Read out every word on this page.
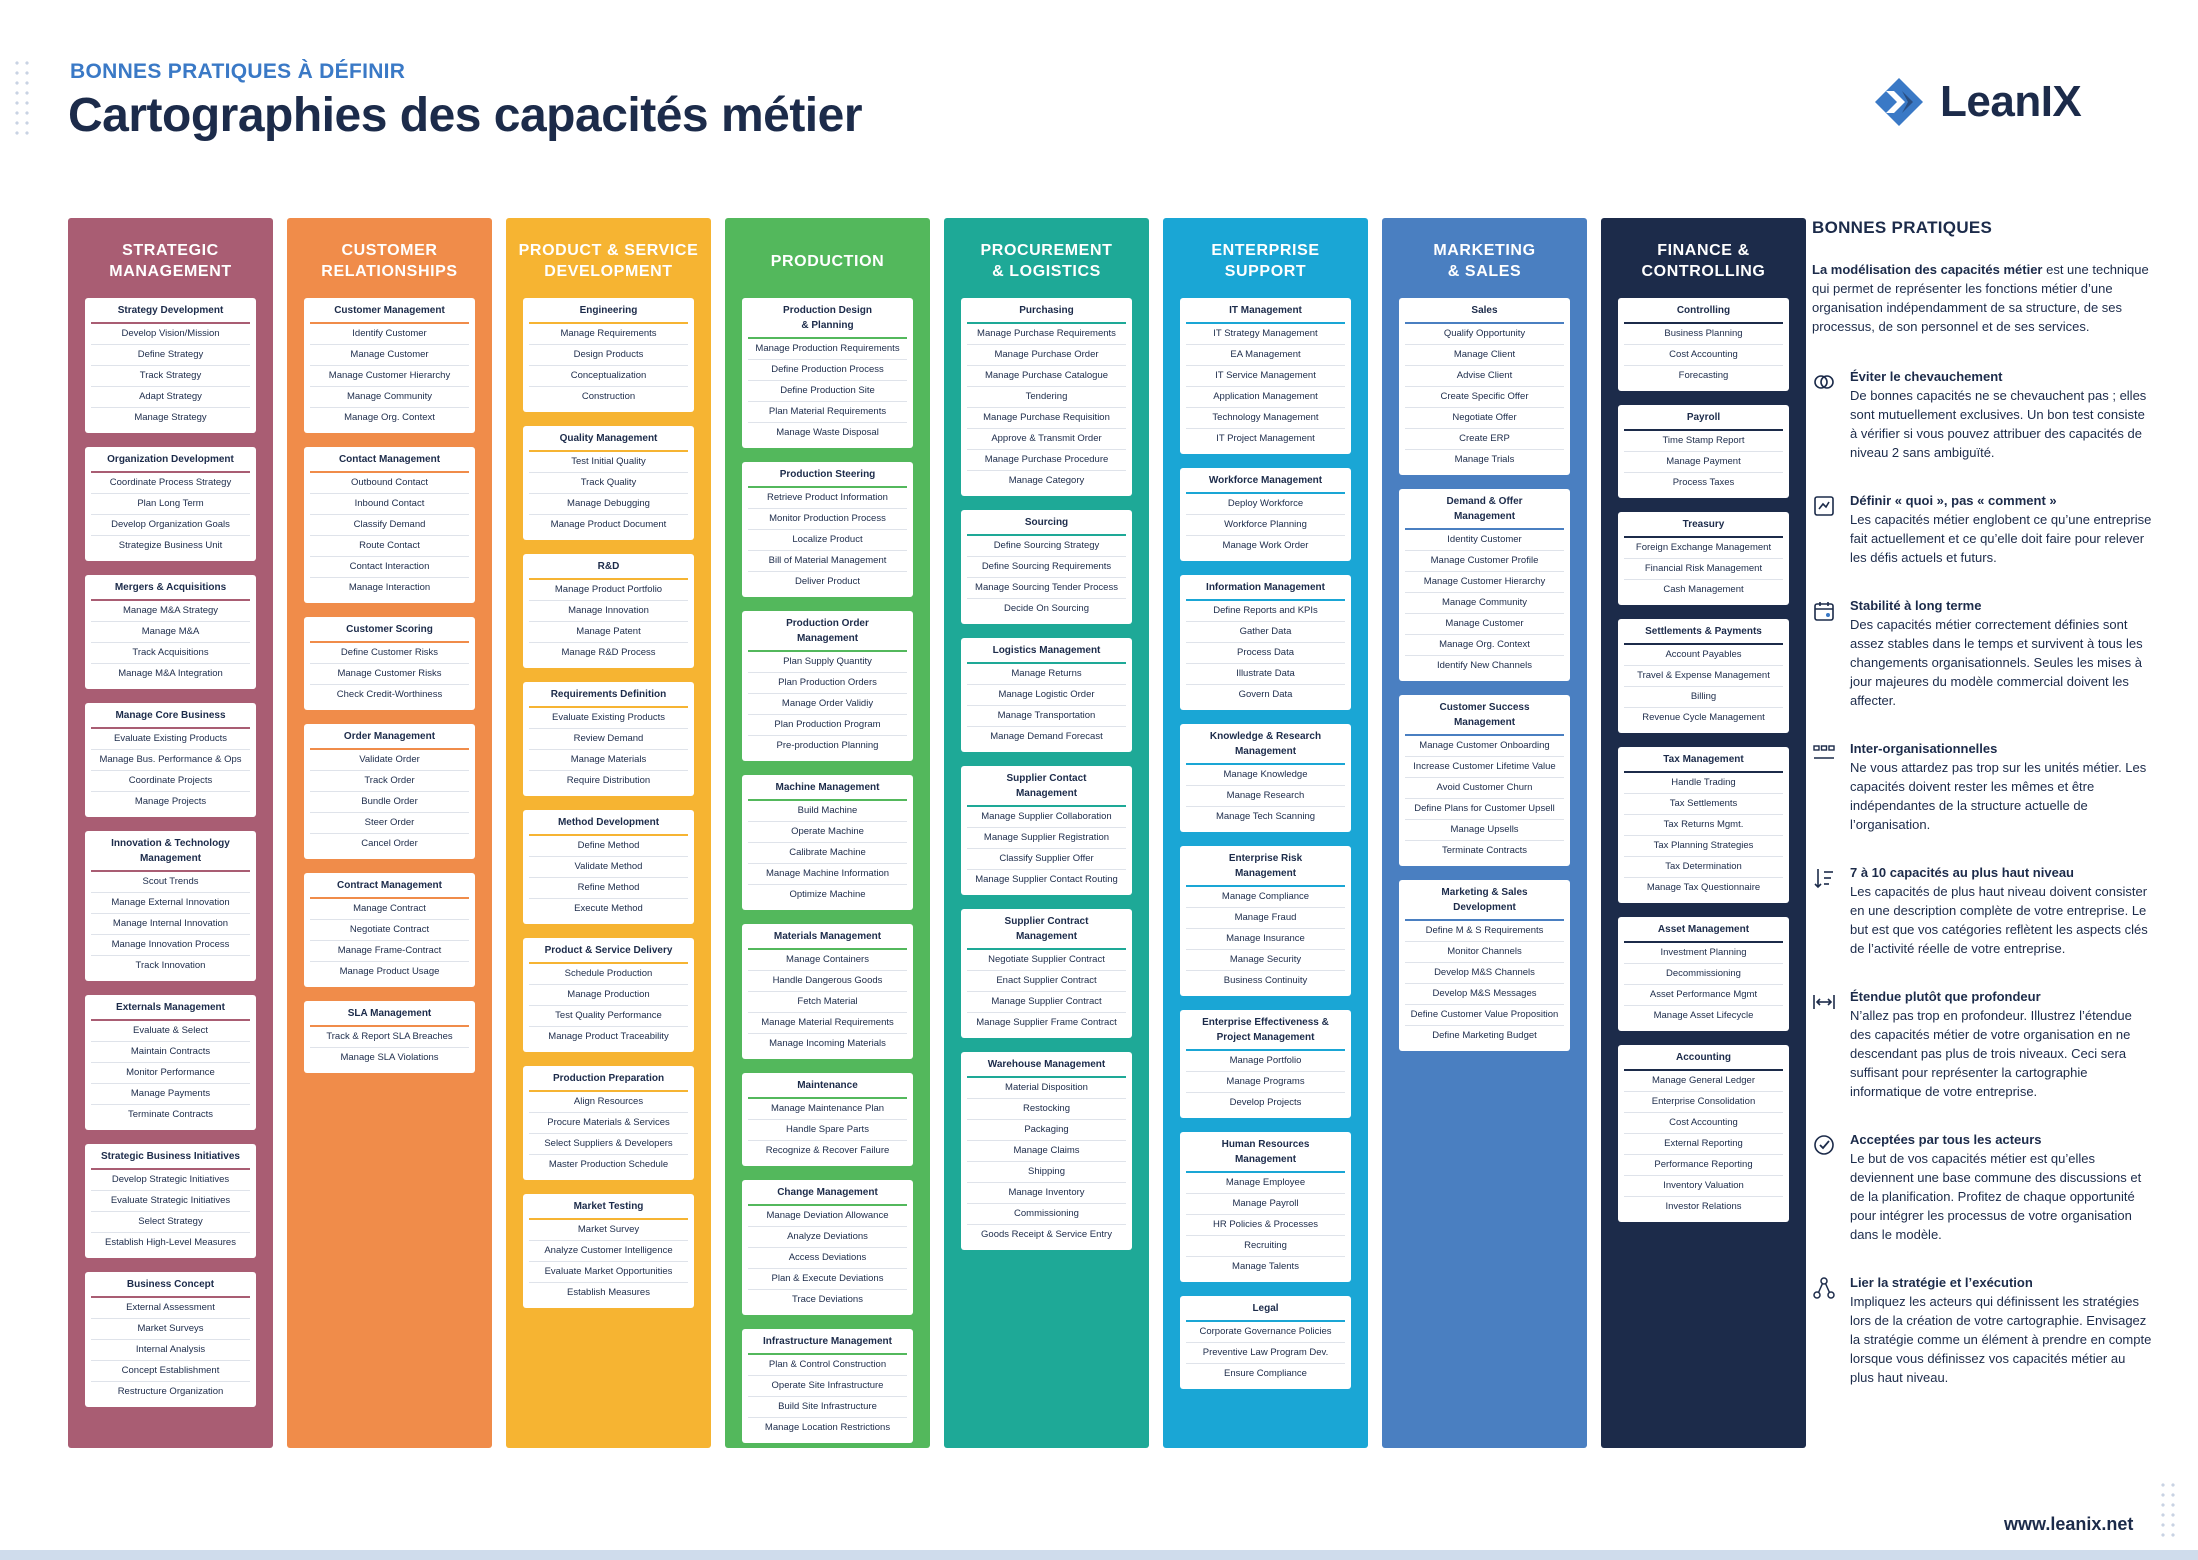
BONNES PRATIQUES À DÉFINIR
Cartographies des capacités métier	LeanIX
STRATEGIC
MANAGEMENT
Strategy Development
Develop Vision/Mission
Define Strategy
Track Strategy
Adapt Strategy
Manage Strategy
Organization Development
Coordinate Process Strategy
Plan Long Term
Develop Organization Goals
Strategize Business Unit
Mergers & Acquisitions
Manage M&A Strategy
Manage M&A
Track Acquisitions
Manage M&A Integration
Manage Core Business
Evaluate Existing Products
Manage Bus. Performance & Ops
Coordinate Projects
Manage Projects
Innovation & Technology
Management
Scout Trends
Manage External Innovation
Manage Internal Innovation
Manage Innovation Process
Track Innovation
Externals Management
Evaluate & Select
Maintain Contracts
Monitor Performance
Manage Payments
Terminate Contracts
Strategic Business Initiatives
Develop Strategic Initiatives
Evaluate Strategic Initiatives
Select Strategy
Establish High-Level Measures
Business Concept
External Assessment
Market Surveys
Internal Analysis
Concept Establishment
Restructure Organization
CUSTOMER
RELATIONSHIPS
Customer Management
Identify Customer
Manage Customer
Manage Customer Hierarchy
Manage Community
Manage Org. Context
Contact Management
Outbound Contact
Inbound Contact
Classify Demand
Route Contact
Contact Interaction
Manage Interaction
Customer Scoring
Define Customer Risks
Manage Customer Risks
Check Credit-Worthiness
Order Management
Validate Order
Track Order
Bundle Order
Steer Order
Cancel Order
Contract Management
Manage Contract
Negotiate Contract
Manage Frame-Contract
Manage Product Usage
SLA Management
Track & Report SLA Breaches
Manage SLA Violations
PRODUCT & SERVICE
DEVELOPMENT
Engineering
Manage Requirements
Design Products
Conceptualization
Construction
Quality Management
Test Initial Quality
Track Quality
Manage Debugging
Manage Product Document
R&D
Manage Product Portfolio
Manage Innovation
Manage Patent
Manage R&D Process
Requirements Definition
Evaluate Existing Products
Review Demand
Manage Materials
Require Distribution
Method Development
Define Method
Validate Method
Refine Method
Execute Method
Product & Service Delivery
Schedule Production
Manage Production
Test Quality Performance
Manage Product Traceability
Production Preparation
Align Resources
Procure Materials & Services
Select Suppliers & Developers
Master Production Schedule
Market Testing
Market Survey
Analyze Customer Intelligence
Evaluate Market Opportunities
Establish Measures
PRODUCTION
Production Design
& Planning
Manage Production Requirements
Define Production Process
Define Production Site
Plan Material Requirements
Manage Waste Disposal
Production Steering
Retrieve Product Information
Monitor Production Process
Localize Product
Bill of Material Management
Deliver Product
Production Order
Management
Plan Supply Quantity
Plan Production Orders
Manage Order Validiy
Plan Production Program
Pre-production Planning
Machine Management
Build Machine
Operate Machine
Calibrate Machine
Manage Machine Information
Optimize Machine
Materials Management
Manage Containers
Handle Dangerous Goods
Fetch Material
Manage Material Requirements
Manage Incoming Materials
Maintenance
Manage Maintenance Plan
Handle Spare Parts
Recognize & Recover Failure
Change Management
Manage Deviation Allowance
Analyze Deviations
Access Deviations
Plan & Execute Deviations
Trace Deviations
Infrastructure Management
Plan & Control Construction
Operate Site Infrastructure
Build Site Infrastructure
Manage Location Restrictions
PROCUREMENT
& LOGISTICS
Purchasing
Manage Purchase Requirements
Manage Purchase Order
Manage Purchase Catalogue
Tendering
Manage Purchase Requisition
Approve & Transmit Order
Manage Purchase Procedure
Manage Category
Sourcing
Define Sourcing Strategy
Define Sourcing Requirements
Manage Sourcing Tender Process
Decide On Sourcing
Logistics Management
Manage Returns
Manage Logistic Order
Manage Transportation
Manage Demand Forecast
Supplier Contact
Management
Manage Supplier Collaboration
Manage Supplier Registration
Classify Supplier Offer
Manage Supplier Contact Routing
Supplier Contract
Management
Negotiate Supplier Contract
Enact Supplier Contract
Manage Supplier Contract
Manage Supplier Frame Contract
Warehouse Management
Material Disposition
Restocking
Packaging
Manage Claims
Shipping
Manage Inventory
Commissioning
Goods Receipt & Service Entry
ENTERPRISE
SUPPORT
IT Management
IT Strategy Management
EA Management
IT Service Management
Application Management
Technology Management
IT Project Management
Workforce Management
Deploy Workforce
Workforce Planning
Manage Work Order
Information Management
Define Reports and KPIs
Gather Data
Process Data
Illustrate Data
Govern Data
Knowledge & Research
Management
Manage Knowledge
Manage Research
Manage Tech Scanning
Enterprise Risk
Management
Manage Compliance
Manage Fraud
Manage Insurance
Manage Security
Business Continuity
Enterprise Effectiveness &
Project Management
Manage Portfolio
Manage Programs
Develop Projects
Human Resources
Management
Manage Employee
Manage Payroll
HR Policies & Processes
Recruiting
Manage Talents
Legal
Corporate Governance Policies
Preventive Law Program Dev.
Ensure Compliance
MARKETING
& SALES
Sales
Qualify Opportunity
Manage Client
Advise Client
Create Specific Offer
Negotiate Offer
Create ERP
Manage Trials
Demand & Offer
Management
Identity Customer
Manage Customer Profile
Manage Customer Hierarchy
Manage Community
Manage Customer
Manage Org. Context
Identify New Channels
Customer Success
Management
Manage Customer Onboarding
Increase Customer Lifetime Value
Avoid Customer Churn
Define Plans for Customer Upsell
Manage Upsells
Terminate Contracts
Marketing & Sales
Development
Define M & S Requirements
Monitor Channels
Develop M&S Channels
Develop M&S Messages
Define Customer Value Proposition
Define Marketing Budget
FINANCE &
CONTROLLING
Controlling
Business Planning
Cost Accounting
Forecasting
Payroll
Time Stamp Report
Manage Payment
Process Taxes
Treasury
Foreign Exchange Management
Financial Risk Management
Cash Management
Settlements & Payments
Account Payables
Travel & Expense Management
Billing
Revenue Cycle Management
Tax Management
Handle Trading
Tax Settlements
Tax Returns Mgmt.
Tax Planning Strategies
Tax Determination
Manage Tax Questionnaire
Asset Management
Investment Planning
Decommissioning
Asset Performance Mgmt
Manage Asset Lifecycle
Accounting
Manage General Ledger
Enterprise Consolidation
Cost Accounting
External Reporting
Performance Reporting
Inventory Valuation
Investor Relations
BONNES PRATIQUES

La modélisation des capacités métier est une technique qui permet de représenter les fonctions métier d’une organisation indépendamment de sa structure, de ses processus, de son personnel et de ses services.

Éviter le chevauchement
De bonnes capacités ne se chevauchent pas ; elles sont mutuellement exclusives. Un bon test consiste à vérifier si vous pouvez attribuer des capacités de niveau 2 sans ambiguïté.
Définir « quoi », pas « comment »
Les capacités métier englobent ce qu’une entreprise fait actuellement et ce qu’elle doit faire pour relever les défis actuels et futurs.
Stabilité à long terme
Des capacités métier correctement définies sont assez stables dans le temps et survivent à tous les changements organisationnels. Seules les mises à jour majeures du modèle commercial doivent les affecter.
Inter-organisationnelles
Ne vous attardez pas trop sur les unités métier. Les capacités doivent rester les mêmes et être indépendantes de la structure actuelle de l’organisation.
7 à 10 capacités au plus haut niveau
Les capacités de plus haut niveau doivent consister en une description complète de votre entreprise. Le but est que vos catégories reflètent les aspects clés de l’activité réelle de votre entreprise.
Étendue plutôt que profondeur
N’allez pas trop en profondeur. Illustrez l’étendue des capacités métier de votre organisation en ne descendant pas plus de trois niveaux. Ceci sera suffisant pour représenter la cartographie informatique de votre entreprise.
Acceptées par tous les acteurs
Le but de vos capacités métier est qu’elles deviennent une base commune des discussions et de la planification. Profitez de chaque opportunité pour intégrer les processus de votre organisation dans le modèle.
Lier la stratégie et l’exécution
Impliquez les acteurs qui définissent les stratégies lors de la création de votre cartographie. Envisagez la stratégie comme un élément à prendre en compte lorsque vous définissez vos capacités métier au plus haut niveau.
www.leanix.net
